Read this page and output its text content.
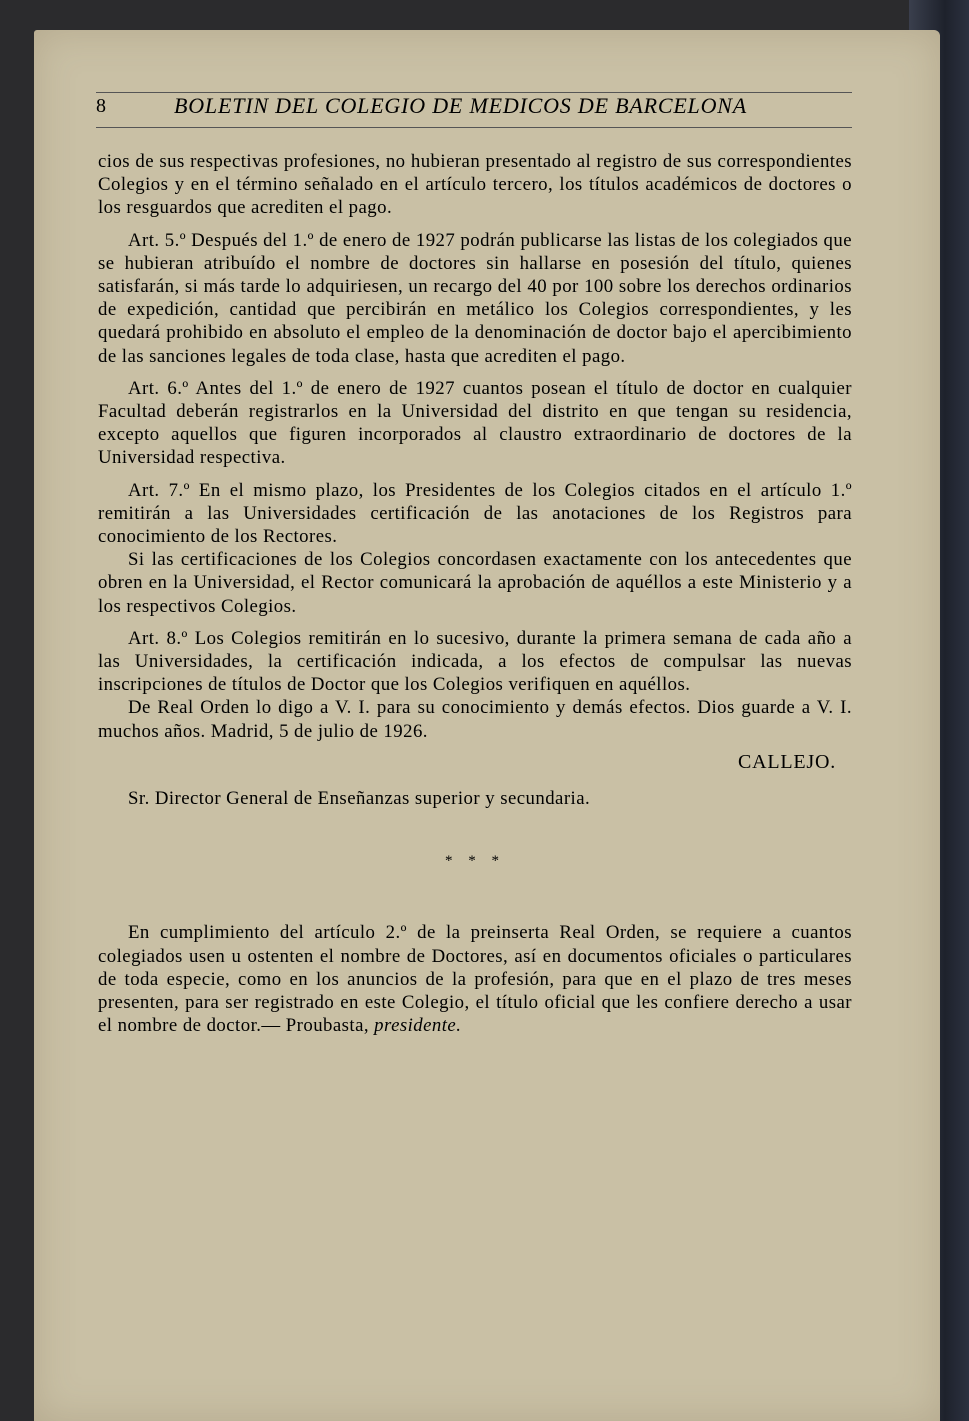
8	BOLETIN DEL COLEGIO DE MEDICOS DE BARCELONA

cios de sus respectivas profesiones, no hubieran presentado al registro de sus correspondientes Colegios y en el término señalado en el artículo tercero, los títulos académicos de doctores o los resguardos que acrediten el pago.

Art. 5.º Después del 1.º de enero de 1927 podrán publicarse las listas de los colegiados que se hubieran atribuído el nombre de doctores sin hallarse en posesión del título, quienes satisfarán, si más tarde lo adquiriesen, un recargo del 40 por 100 sobre los derechos ordinarios de expedición, cantidad que percibirán en metálico los Colegios correspondientes, y les quedará prohibido en absoluto el empleo de la denominación de doctor bajo el apercibimiento de las sanciones legales de toda clase, hasta que acrediten el pago.

Art. 6.º Antes del 1.º de enero de 1927 cuantos posean el título de doctor en cualquier Facultad deberán registrarlos en la Universidad del distrito en que tengan su residencia, excepto aquellos que figuren incorporados al claustro extraordinario de doctores de la Universidad respectiva.

Art. 7.º En el mismo plazo, los Presidentes de los Colegios citados en el artículo 1.º remitirán a las Universidades certificación de las anotaciones de los Registros para conocimiento de los Rectores.

Si las certificaciones de los Colegios concordasen exactamente con los antecedentes que obren en la Universidad, el Rector comunicará la aprobación de aquéllos a este Ministerio y a los respectivos Colegios.

Art. 8.º Los Colegios remitirán en lo sucesivo, durante la primera semana de cada año a las Universidades, la certificación indicada, a los efectos de compulsar las nuevas inscripciones de títulos de Doctor que los Colegios verifiquen en aquéllos.

De Real Orden lo digo a V. I. para su conocimiento y demás efectos. Dios guarde a V. I. muchos años. Madrid, 5 de julio de 1926.

CALLEJO.

Sr. Director General de Enseñanzas superior y secundaria.

* * *

En cumplimiento del artículo 2.º de la preinserta Real Orden, se requiere a cuantos colegiados usen u ostenten el nombre de Doctores, así en documentos oficiales o particulares de toda especie, como en los anuncios de la profesión, para que en el plazo de tres meses presenten, para ser registrado en este Colegio, el título oficial que les confiere derecho a usar el nombre de doctor.— Proubasta, presidente.
